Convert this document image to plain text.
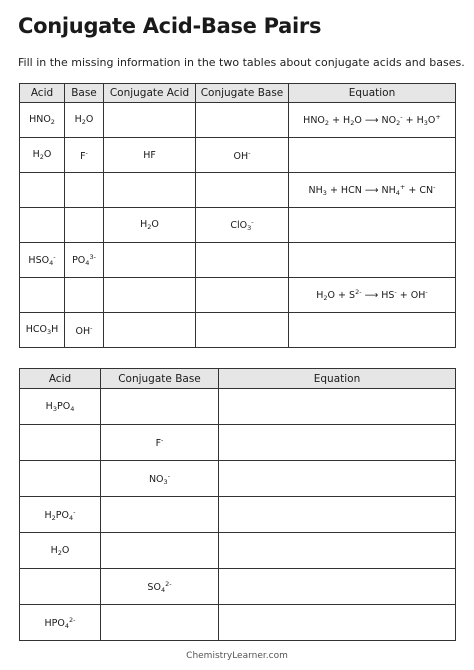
Conjugate Acid-Base Pairs
Fill in the missing information in the two tables about conjugate acids and bases.
Acid	Base	Conjugate Acid	Conjugate Base	Equation
$HNO_2$	$H_2O$			$HNO_2 + H_2O$ ⟶ $NO_2^- + H_3O^+$
$H_2O$	F-	HF	OH-	
				$NH_3$ + HCN ⟶ $NH_4^+ + CN^-$
		$H_2O$	ClO$_3$-	
$HSO_4^-$	$PO_4^{3-}$			
				$H_2O + S^{2-}$ ⟶ HS- + OH-
$HCO_3H$	OH-			
Acid	Conjugate Base	Equation
$H_3PO_4$		
	F-	
	$NO_3^-$	
$H_2PO_4^-$		
$H_2O$		
	$SO_4^{2-}$	
$HPO_4^{2-}$		
ChemistryLearner.com
